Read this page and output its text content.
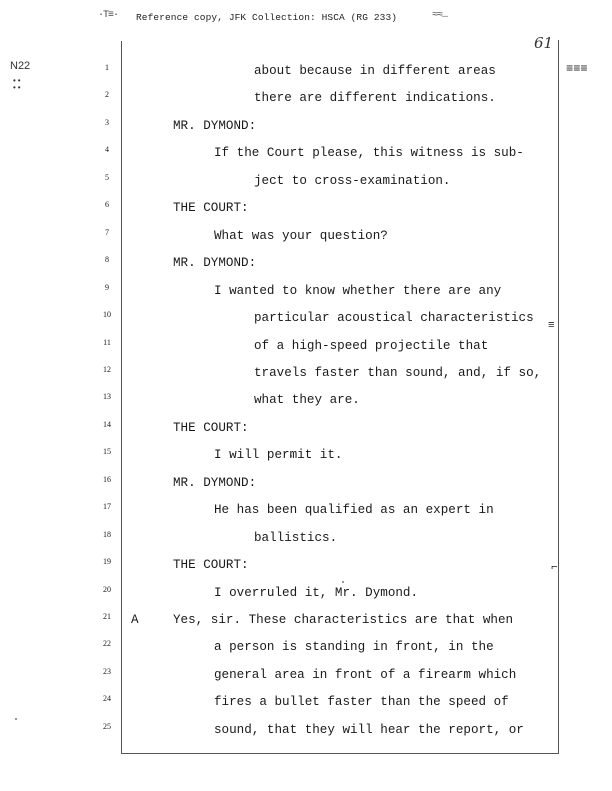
·T≡· Reference copy, JFK Collection: HSCA (RG 233)	≈≈…
61
N22
••
••
≡≡≡
≡
⌐
1	about because in different areas
2	there are different indications.
3	MR. DYMOND:
4	If the Court please, this witness is sub-
5	ject to cross-examination.
6	THE COURT:
7	What was your question?
8	MR. DYMOND:
9	I wanted to know whether there are any
10	particular acoustical characteristics
11	of a high-speed projectile that
12	travels faster than sound, and, if so,
13	what they are.
14	THE COURT:
15	I will permit it.
16	MR. DYMOND:
17	He has been qualified as an expert in
18	ballistics.
19	THE COURT:
20	I overruled it, Mr. Dymond.
21	A	Yes, sir. These characteristics are that when
22	a person is standing in front, in the
23	general area in front of a firearm which
24	fires a bullet faster than the speed of
25	sound, that they will hear the report, or
